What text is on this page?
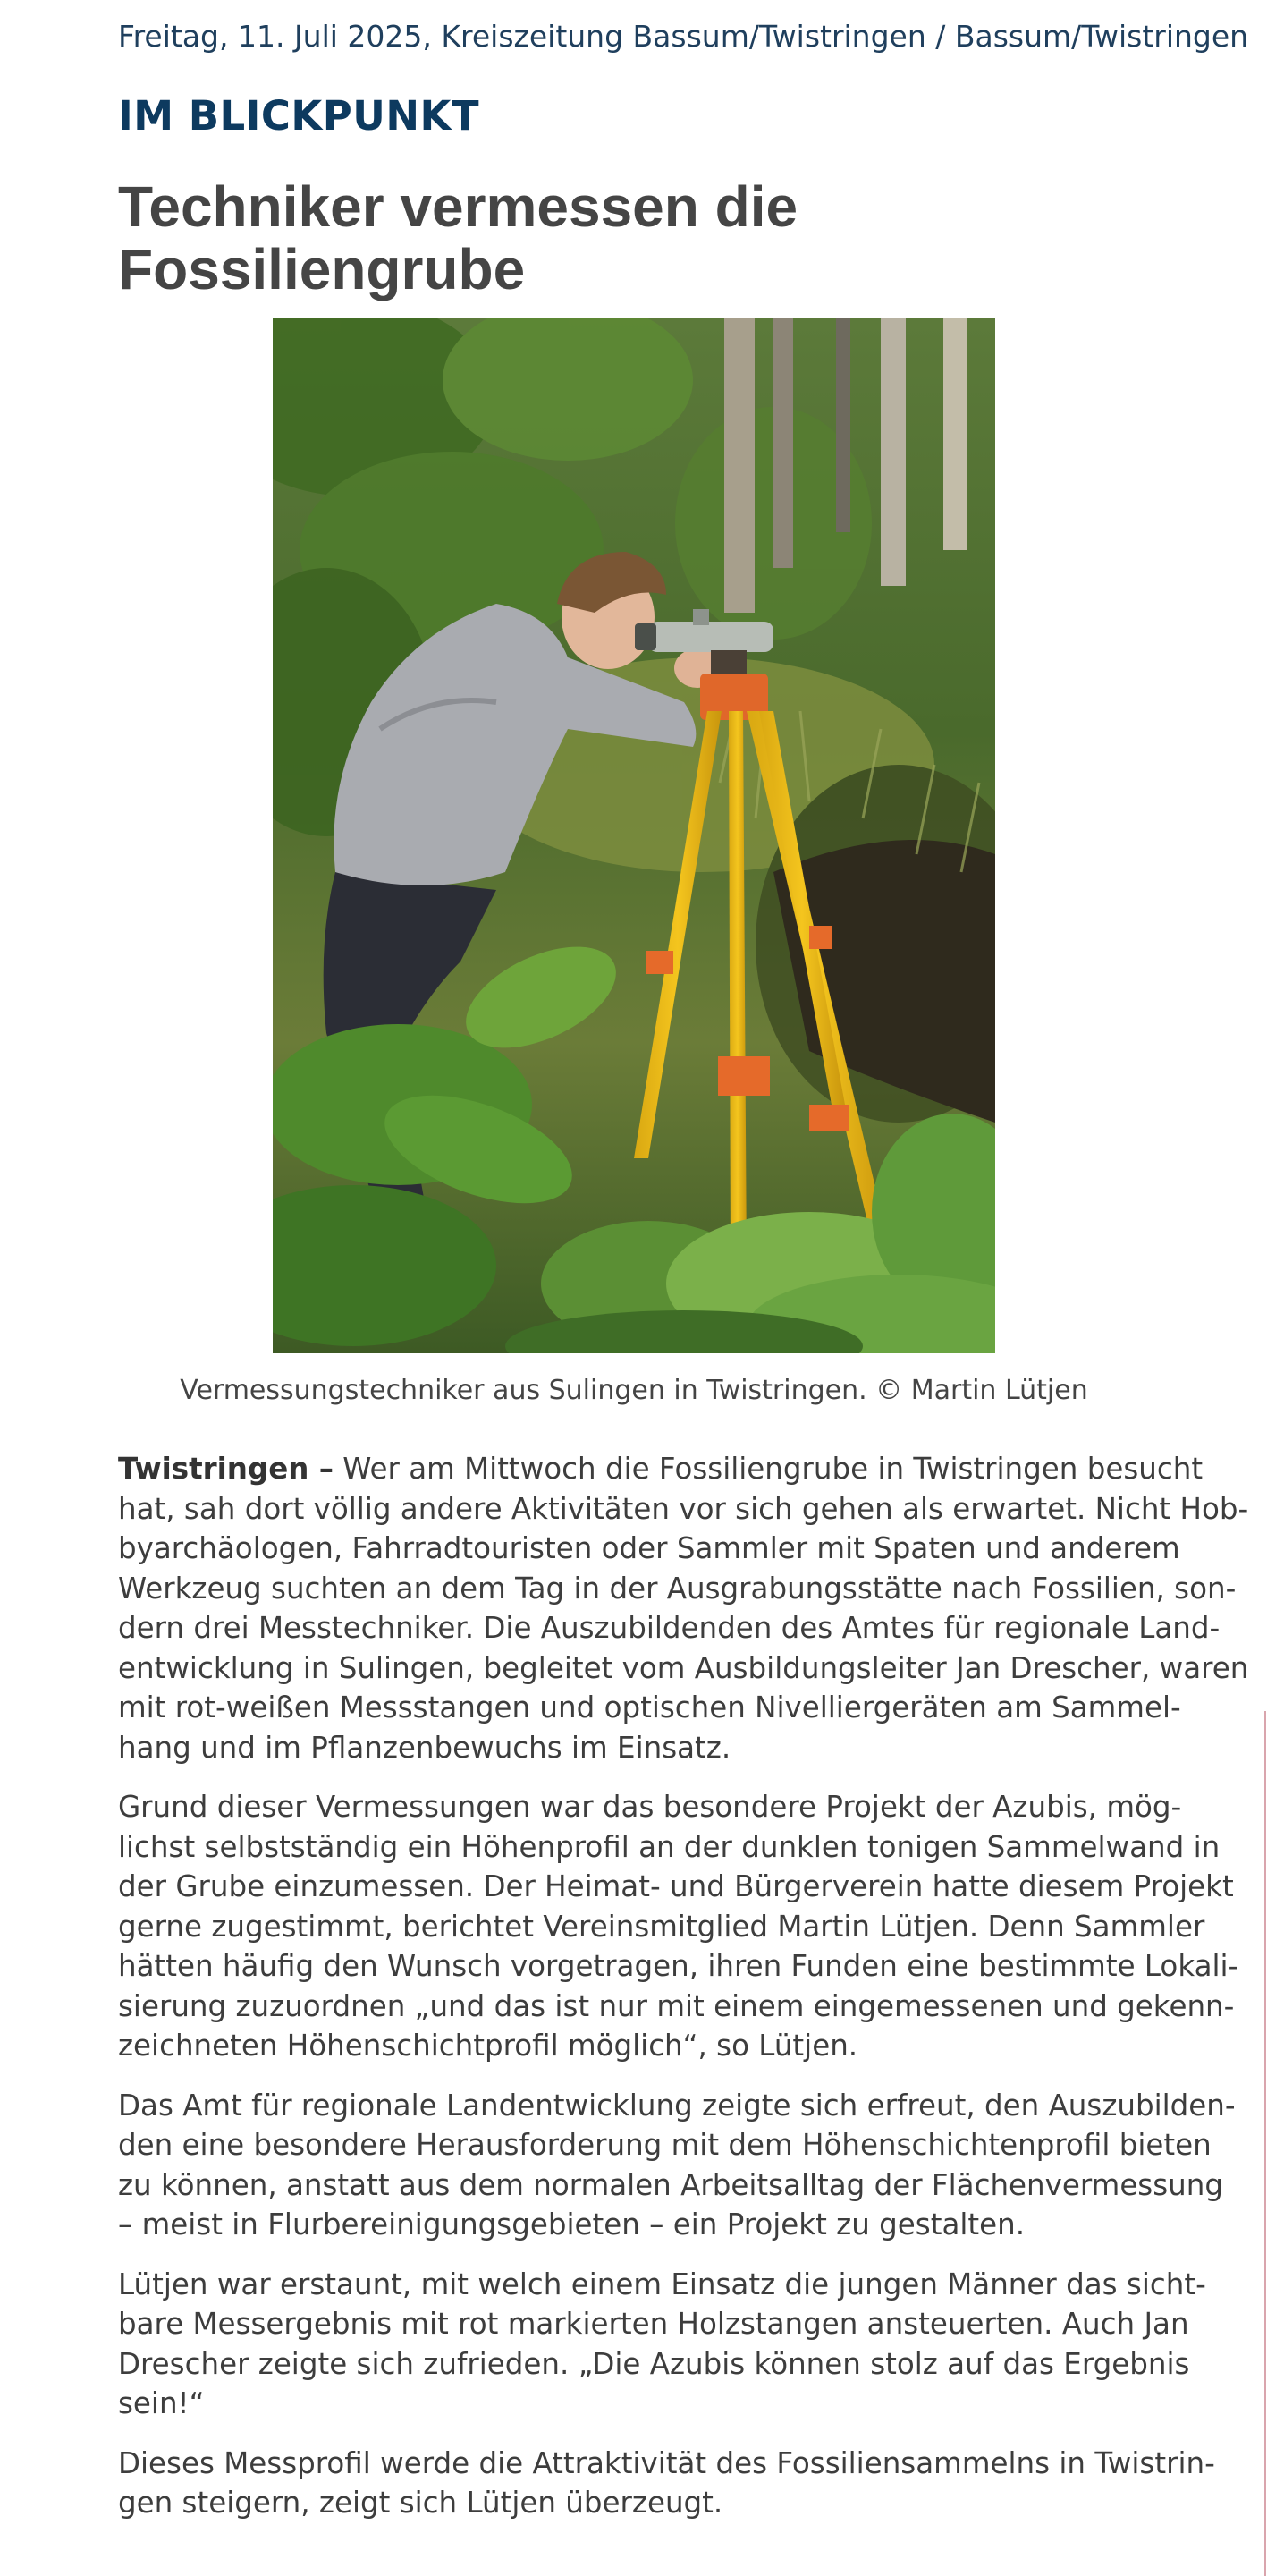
Freitag, 11. Juli 2025, Kreiszeitung Bassum/Twistringen / Bassum/Twistringen
IM BLICKPUNKT
Techniker vermessen die
Fossiliengrube
Vermessungstechniker aus Sulingen in Twistringen. © Martin Lütjen

Twistringen – Wer am Mittwoch die Fossiliengrube in Twistringen besucht
hat, sah dort völlig andere Aktivitäten vor sich gehen als erwartet. Nicht Hob-
byarchäologen, Fahrradtouristen oder Sammler mit Spaten und anderem
Werkzeug suchten an dem Tag in der Ausgrabungsstätte nach Fossilien, son-
dern drei Messtechniker. Die Auszubildenden des Amtes für regionale Land-
entwicklung in Sulingen, begleitet vom Ausbildungsleiter Jan Drescher, waren
mit rot-weißen Messstangen und optischen Nivelliergeräten am Sammel-
hang und im Pflanzenbewuchs im Einsatz.

Grund dieser Vermessungen war das besondere Projekt der Azubis, mög-
lichst selbstständig ein Höhenprofil an der dunklen tonigen Sammelwand in
der Grube einzumessen. Der Heimat- und Bürgerverein hatte diesem Projekt
gerne zugestimmt, berichtet Vereinsmitglied Martin Lütjen. Denn Sammler
hätten häufig den Wunsch vorgetragen, ihren Funden eine bestimmte Lokali-
sierung zuzuordnen „und das ist nur mit einem eingemessenen und gekenn-
zeichneten Höhenschichtprofil möglich“, so Lütjen.

Das Amt für regionale Landentwicklung zeigte sich erfreut, den Auszubilden-
den eine besondere Herausforderung mit dem Höhenschichtenprofil bieten
zu können, anstatt aus dem normalen Arbeitsalltag der Flächenvermessung
– meist in Flurbereinigungsgebieten – ein Projekt zu gestalten.

Lütjen war erstaunt, mit welch einem Einsatz die jungen Männer das sicht-
bare Messergebnis mit rot markierten Holzstangen ansteuerten. Auch Jan
Drescher zeigte sich zufrieden. „Die Azubis können stolz auf das Ergebnis
sein!“

Dieses Messprofil werde die Attraktivität des Fossiliensammelns in Twistrin-
gen steigern, zeigt sich Lütjen überzeugt.
